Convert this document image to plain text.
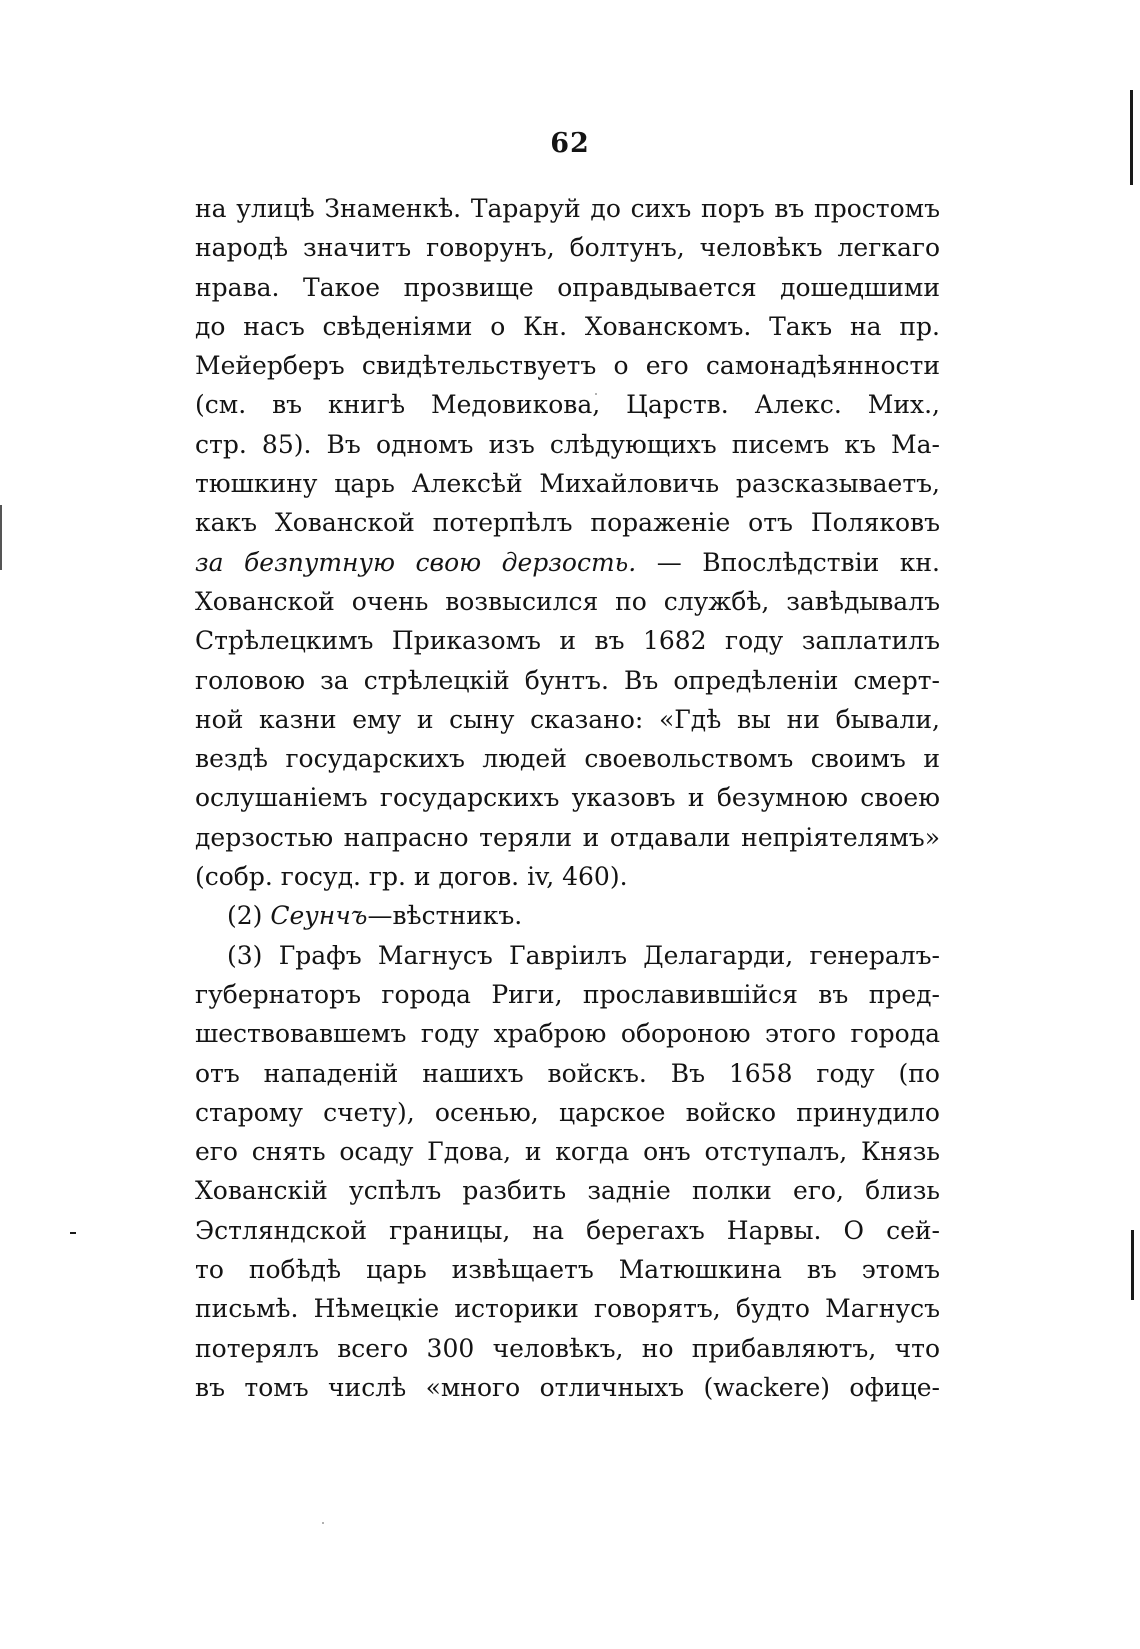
62
на улицѣ Знаменкѣ. Тараруй до сихъ поръ въ простомъ
народѣ значитъ говорунъ, болтунъ, человѣкъ легкаго
нрава. Такое прозвище оправдывается дошедшими
до насъ свѣденіями о Кн. Хованскомъ. Такъ на пр.
Мейерберъ свидѣтельствуетъ о его самонадѣянности
(см. въ книгѣ Медовикова, Царств. Алекс. Мих.,
стр. 85). Въ одномъ изъ слѣдующихъ писемъ къ Ма-
тюшкину царь Алексѣй Михайловичь разсказываетъ,
какъ Хованской потерпѣлъ пораженіе отъ Поляковъ
за безпутную свою дерзость. — Впослѣдствіи кн.
Хованской очень возвысился по службѣ, завѣдывалъ
Стрѣлецкимъ Приказомъ и въ 1682 году заплатилъ
головою за стрѣлецкій бунтъ. Въ опредѣленіи смерт-
ной казни ему и сыну сказано: «Гдѣ вы ни бывали,
вездѣ государскихъ людей своевольствомъ своимъ и
ослушаніемъ государскихъ указовъ и безумною своею
дерзостью напрасно теряли и отдавали непріятелямъ»
(собр. госуд. гр. и догов. iv, 460).
(2) Сеунчъ—вѣстникъ.
(3) Графъ Магнусъ Гавріилъ Делагарди, генералъ-
губернаторъ города Риги, прославившійся въ пред-
шествовавшемъ году храброю обороною этого города
отъ нападеній нашихъ войскъ. Въ 1658 году (по
старому счету), осенью, царское войско принудило
его снять осаду Гдова, и когда онъ отступалъ, Князь
Хованскій успѣлъ разбить задніе полки его, близь
Эстляндской границы, на берегахъ Нарвы. О сей-
то побѣдѣ царь извѣщаетъ Матюшкина въ этомъ
письмѣ. Нѣмецкіе историки говорятъ, будто Магнусъ
потерялъ всего 300 человѣкъ, но прибавляютъ, что
въ томъ числѣ «много отличныхъ (wackere) офице-
